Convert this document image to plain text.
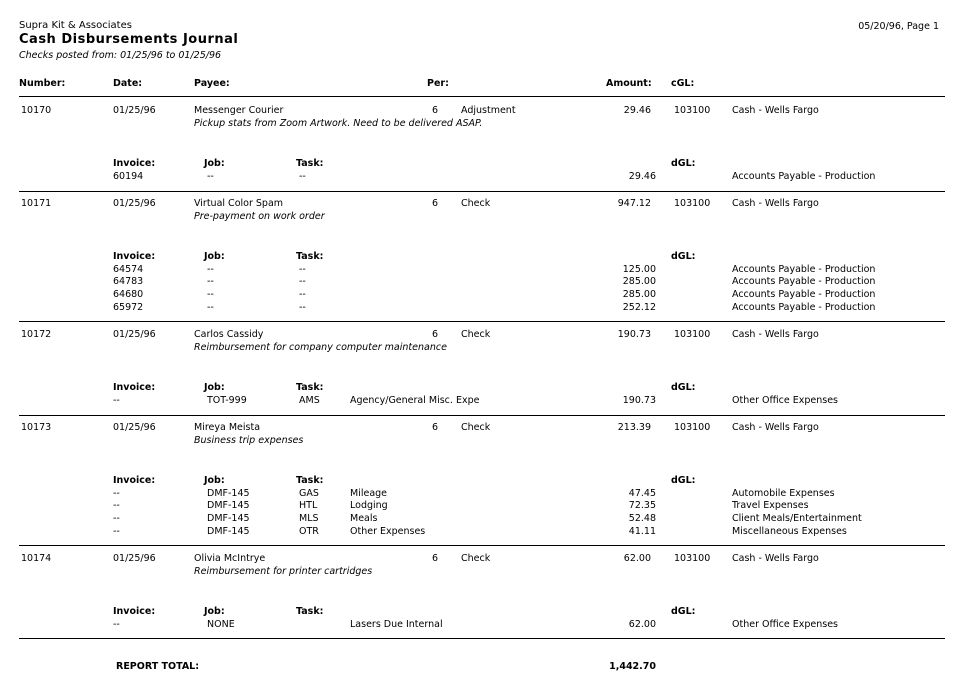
Supra Kit & Associates
Cash Disbursements Journal
Checks posted from: 01/25/96 to 01/25/96
05/20/96, Page 1
Number:	Date:	Payee:	Per:	Amount: cGL:
10170	01/25/96	Messenger Courier	6 Adjustment	29.46 103100 Cash - Wells Fargo
Pickup stats from Zoom Artwork. Need to be delivered ASAP.
Invoice:	Job:	Task:	dGL:
60194	--	--	29.46	Accounts Payable - Production
10171	01/25/96	Virtual Color Spam	6 Check	947.12 103100 Cash - Wells Fargo
Pre-payment on work order
Invoice:	Job:	Task:	dGL:
64574	--	--	125.00	Accounts Payable - Production
64783	--	--	285.00	Accounts Payable - Production
64680	--	--	285.00	Accounts Payable - Production
65972	--	--	252.12	Accounts Payable - Production
10172	01/25/96	Carlos Cassidy	6 Check	190.73 103100 Cash - Wells Fargo
Reimbursement for company computer maintenance
Invoice:	Job:	Task:	dGL:
--	TOT-999	AMS	Agency/General Misc. Expe	190.73	Other Office Expenses
10173	01/25/96	Mireya Meista	6 Check	213.39 103100 Cash - Wells Fargo
Business trip expenses
Invoice:	Job:	Task:	dGL:
--	DMF-145	GAS	Mileage	47.45	Automobile Expenses
--	DMF-145	HTL	Lodging	72.35	Travel Expenses
--	DMF-145	MLS	Meals	52.48	Client Meals/Entertainment
--	DMF-145	OTR	Other Expenses	41.11	Miscellaneous Expenses
10174	01/25/96	Olivia McIntrye	6 Check	62.00 103100 Cash - Wells Fargo
Reimbursement for printer cartridges
Invoice:	Job:	Task:	dGL:
--	NONE	Lasers Due Internal	62.00	Other Office Expenses
REPORT TOTAL:	1,442.70
